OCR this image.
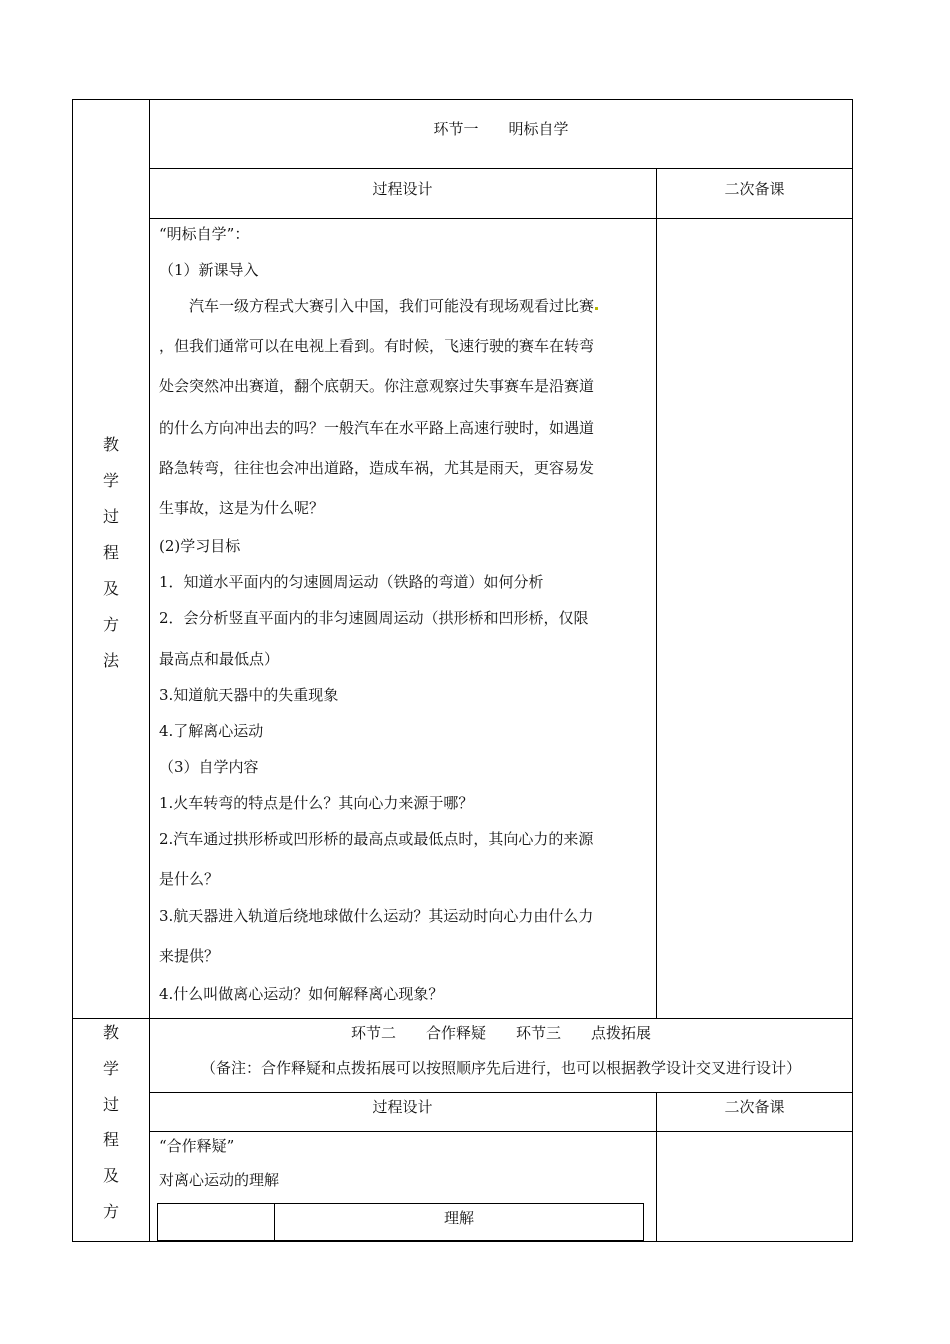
教
学
过
程
及
方
法
环节一　　明标自学
过程设计	二次备课
“明标自学”：
（1）新课导入
　　汽车一级方程式大赛引入中国，我们可能没有现场观看过比赛
，但我们通常可以在电视上看到。有时候，飞速行驶的赛车在转弯
处会突然冲出赛道，翻个底朝天。你注意观察过失事赛车是沿赛道
的什么方向冲出去的吗？一般汽车在水平路上高速行驶时，如遇道
路急转弯，往往也会冲出道路，造成车祸，尤其是雨天，更容易发
生事故，这是为什么呢？
(2)学习目标
1．知道水平面内的匀速圆周运动（铁路的弯道）如何分析
2．会分析竖直平面内的非匀速圆周运动（拱形桥和凹形桥，仅限
最高点和最低点）
3.知道航天器中的失重现象
4.了解离心运动
（3）自学内容
1.火车转弯的特点是什么？其向心力来源于哪？
2.汽车通过拱形桥或凹形桥的最高点或最低点时，其向心力的来源
是什么？
3.航天器进入轨道后绕地球做什么运动？其运动时向心力由什么力
来提供？
4.什么叫做离心运动？如何解释离心现象？
教
学
过
程
及
方
环节二　　合作释疑　　环节三　　点拨拓展
（备注：合作释疑和点拨拓展可以按照顺序先后进行，也可以根据教学设计交叉进行设计）
过程设计	二次备课
“合作释疑”
对离心运动的理解
理解
